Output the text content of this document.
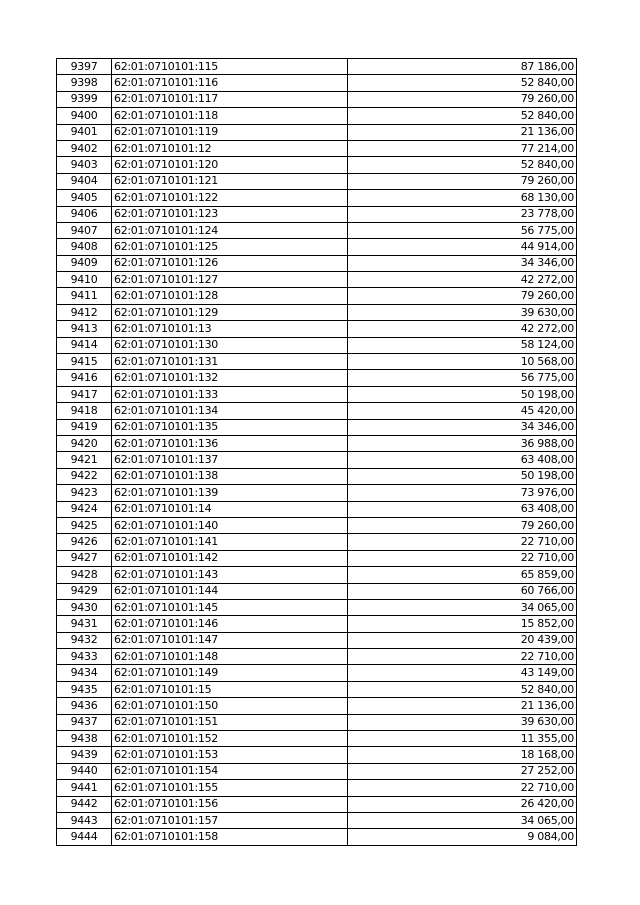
9397	62:01:0710101:115	87 186,00
9398	62:01:0710101:116	52 840,00
9399	62:01:0710101:117	79 260,00
9400	62:01:0710101:118	52 840,00
9401	62:01:0710101:119	21 136,00
9402	62:01:0710101:12	77 214,00
9403	62:01:0710101:120	52 840,00
9404	62:01:0710101:121	79 260,00
9405	62:01:0710101:122	68 130,00
9406	62:01:0710101:123	23 778,00
9407	62:01:0710101:124	56 775,00
9408	62:01:0710101:125	44 914,00
9409	62:01:0710101:126	34 346,00
9410	62:01:0710101:127	42 272,00
9411	62:01:0710101:128	79 260,00
9412	62:01:0710101:129	39 630,00
9413	62:01:0710101:13	42 272,00
9414	62:01:0710101:130	58 124,00
9415	62:01:0710101:131	10 568,00
9416	62:01:0710101:132	56 775,00
9417	62:01:0710101:133	50 198,00
9418	62:01:0710101:134	45 420,00
9419	62:01:0710101:135	34 346,00
9420	62:01:0710101:136	36 988,00
9421	62:01:0710101:137	63 408,00
9422	62:01:0710101:138	50 198,00
9423	62:01:0710101:139	73 976,00
9424	62:01:0710101:14	63 408,00
9425	62:01:0710101:140	79 260,00
9426	62:01:0710101:141	22 710,00
9427	62:01:0710101:142	22 710,00
9428	62:01:0710101:143	65 859,00
9429	62:01:0710101:144	60 766,00
9430	62:01:0710101:145	34 065,00
9431	62:01:0710101:146	15 852,00
9432	62:01:0710101:147	20 439,00
9433	62:01:0710101:148	22 710,00
9434	62:01:0710101:149	43 149,00
9435	62:01:0710101:15	52 840,00
9436	62:01:0710101:150	21 136,00
9437	62:01:0710101:151	39 630,00
9438	62:01:0710101:152	11 355,00
9439	62:01:0710101:153	18 168,00
9440	62:01:0710101:154	27 252,00
9441	62:01:0710101:155	22 710,00
9442	62:01:0710101:156	26 420,00
9443	62:01:0710101:157	34 065,00
9444	62:01:0710101:158	9 084,00
